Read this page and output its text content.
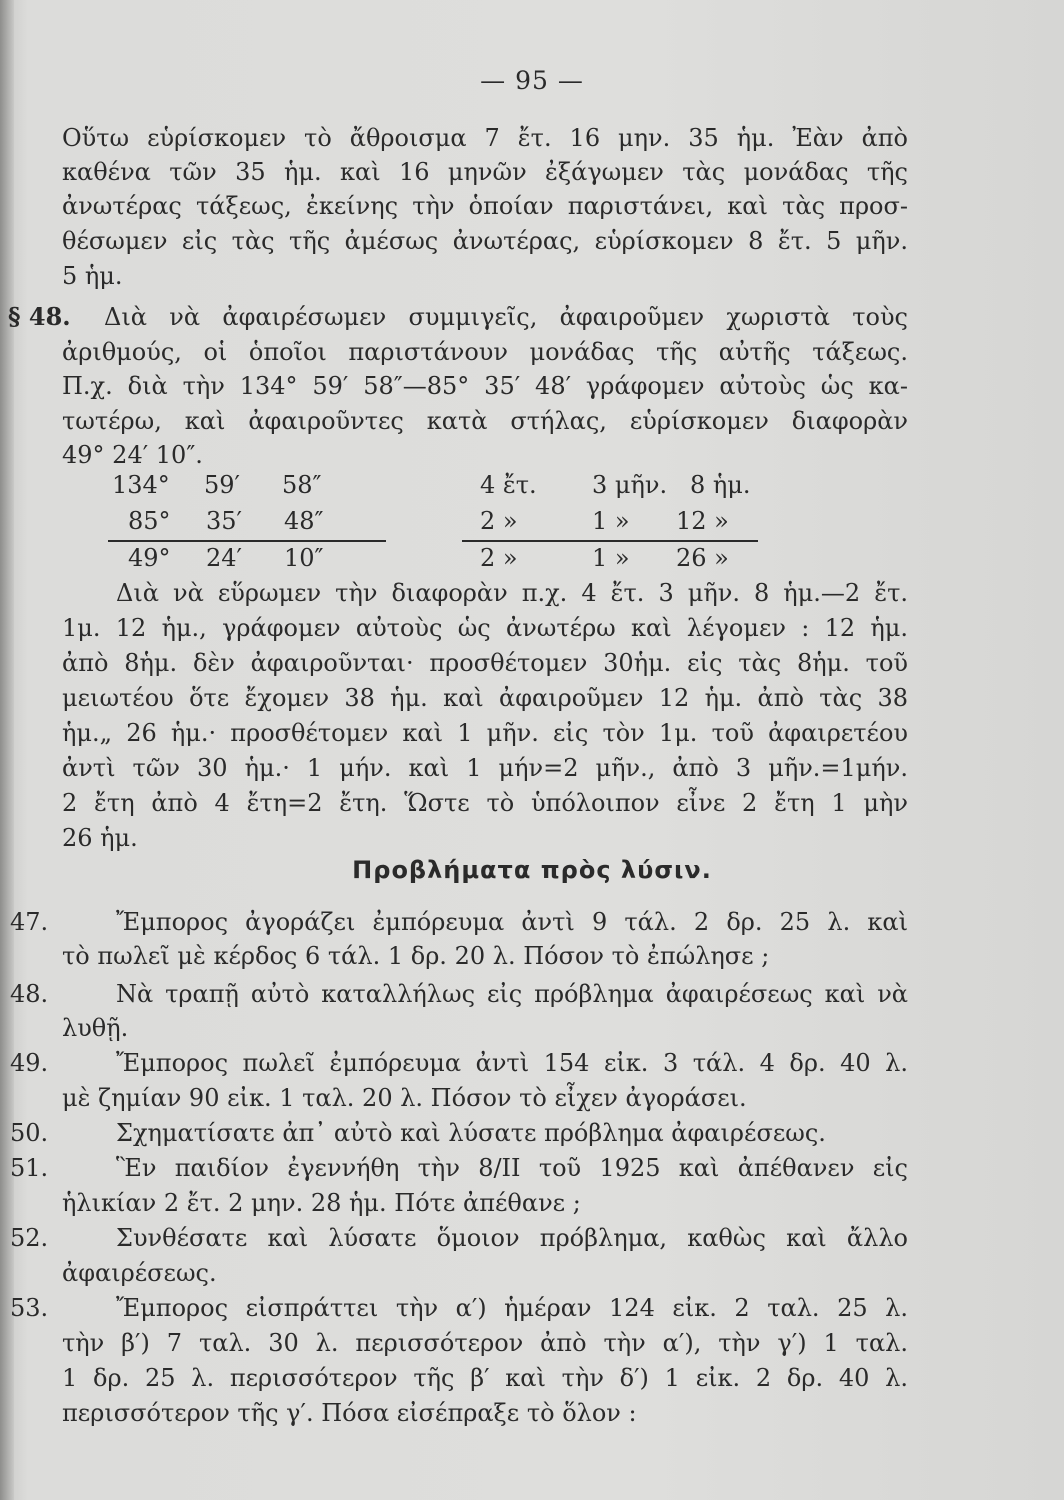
— 95 —
Οὕτω εὑρίσκομεν τὸ ἄθροισμα 7 ἔτ. 16 μην. 35 ἡμ. Ἐὰν ἀπὸ
καθένα τῶν 35 ἡμ. καὶ 16 μηνῶν ἐξάγωμεν τὰς μονάδας τῆς
ἀνωτέρας τάξεως, ἐκείνης τὴν ὁποίαν παριστάνει, καὶ τὰς προσ-
θέσωμεν εἰς τὰς τῆς ἀμέσως ἀνωτέρας, εὑρίσκομεν 8 ἔτ. 5 μῆν.
5 ἡμ.
§ 48. Διὰ νὰ ἀφαιρέσωμεν συμμιγεῖς, ἀφαιροῦμεν χωριστὰ τοὺς
ἀριθμούς, οἱ ὁποῖοι παριστάνουν μονάδας τῆς αὐτῆς τάξεως.
Π.χ. διὰ τὴν 134° 59′ 58″—85° 35′ 48′ γράφομεν αὐτοὺς ὡς κα-
τωτέρω, καὶ ἀφαιροῦντες κατὰ στήλας, εὑρίσκομεν διαφορὰν
49° 24′ 10″.
134° 59′ 58″
85° 35′ 48″
49° 24′ 10″
4 ἔτ. 3 μῆν. 8 ἡμ.
2 »	1 » 12 »
2 »	1 » 26 »
Διὰ νὰ εὕρωμεν τὴν διαφορὰν π.χ. 4 ἔτ. 3 μῆν. 8 ἡμ.—2 ἔτ.
1μ. 12 ἡμ., γράφομεν αὐτοὺς ὡς ἀνωτέρω καὶ λέγομεν : 12 ἡμ.
ἀπὸ 8ἡμ. δὲν ἀφαιροῦνται· προσθέτομεν 30ἡμ. εἰς τὰς 8ἡμ. τοῦ
μειωτέου ὅτε ἔχομεν 38 ἡμ. καὶ ἀφαιροῦμεν 12 ἡμ. ἀπὸ τὰς 38
ἡμ.„ 26 ἡμ.· προσθέτομεν καὶ 1 μῆν. εἰς τὸν 1μ. τοῦ ἀφαιρετέου
ἀντὶ τῶν 30 ἡμ.· 1 μήν. καὶ 1 μήν=2 μῆν., ἀπὸ 3 μῆν.=1μήν.
2 ἔτη ἀπὸ 4 ἔτη=2 ἔτη. Ὥστε τὸ ὑπόλοιπον εἶνε 2 ἔτη 1 μὴν
26 ἡμ.
Προβλήματα πρὸς λύσιν.
47.	Ἔμπορος ἀγοράζει ἐμπόρευμα ἀντὶ 9 τάλ. 2 δρ. 25 λ. καὶ
τὸ πωλεῖ μὲ κέρδος 6 τάλ. 1 δρ. 20 λ. Πόσον τὸ ἐπώλησε ;
48.	Νὰ τραπῇ αὐτὸ καταλλήλως εἰς πρόβλημα ἀφαιρέσεως καὶ νὰ
λυθῇ.
49.	Ἔμπορος πωλεῖ ἐμπόρευμα ἀντὶ 154 εἰκ. 3 τάλ. 4 δρ. 40 λ.
μὲ ζημίαν 90 εἰκ. 1 ταλ. 20 λ. Πόσον τὸ εἶχεν ἀγοράσει.
50.	Σχηματίσατε ἀπ᾽ αὐτὸ καὶ λύσατε πρόβλημα ἀφαιρέσεως.
51.	Ἓν παιδίον ἐγεννήθη τὴν 8/ΙΙ τοῦ 1925 καὶ ἀπέθανεν εἰς
ἡλικίαν 2 ἔτ. 2 μην. 28 ἡμ. Πότε ἀπέθανε ;
52.	Συνθέσατε καὶ λύσατε ὅμοιον πρόβλημα, καθὼς καὶ ἄλλο
ἀφαιρέσεως.
53.	Ἔμπορος εἰσπράττει τὴν α′) ἡμέραν 124 εἰκ. 2 ταλ. 25 λ.
τὴν β′) 7 ταλ. 30 λ. περισσότερον ἀπὸ τὴν α′), τὴν γ′) 1 ταλ.
1 δρ. 25 λ. περισσότερον τῆς β′ καὶ τὴν δ′) 1 εἰκ. 2 δρ. 40 λ.
περισσότερον τῆς γ′. Πόσα εἰσέπραξε τὸ ὅλον :
